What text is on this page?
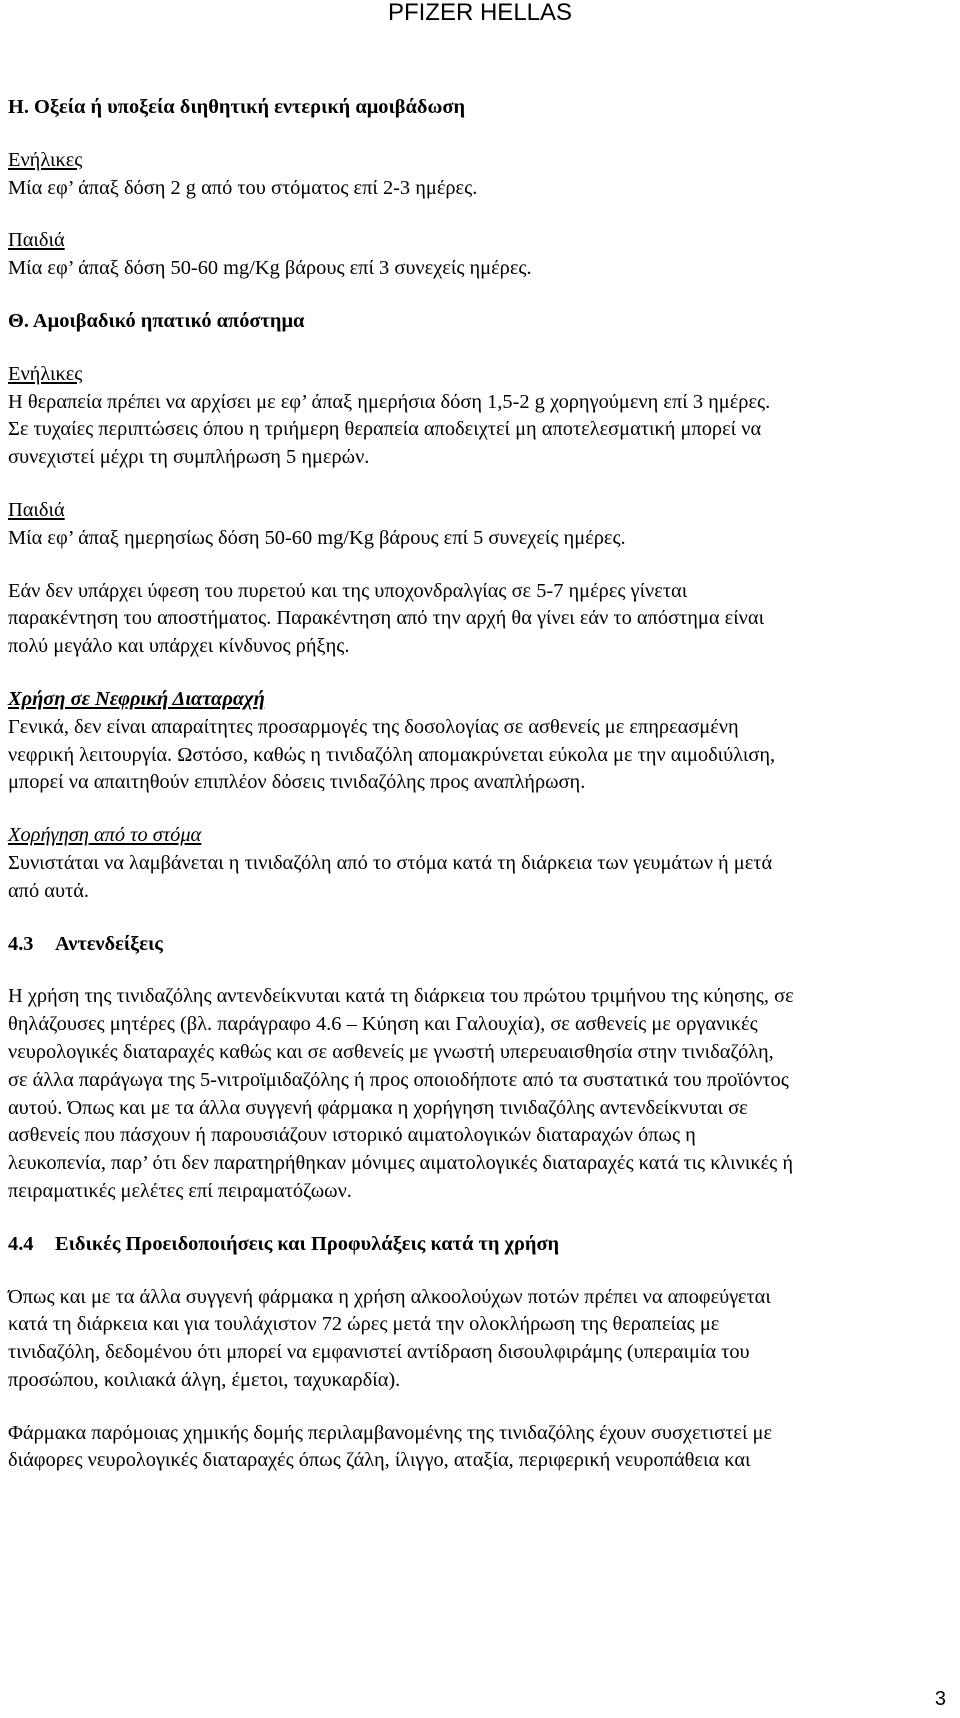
PFIZER HELLAS

Η. Οξεία ή υποξεία διηθητική εντερική αμοιβάδωση

Ενήλικες

Μία εφ’ άπαξ δόση 2 g από του στόματος επί 2-3 ημέρες.

Παιδιά

Μία εφ’ άπαξ δόση 50-60 mg/Kg βάρους επί 3 συνεχείς ημέρες.

Θ. Αμοιβαδικό ηπατικό απόστημα

Ενήλικες

Η θεραπεία πρέπει να αρχίσει με εφ’ άπαξ ημερήσια δόση 1,5-2 g χορηγούμενη επί 3 ημέρες.

Σε τυχαίες περιπτώσεις όπου η τριήμερη θεραπεία αποδειχτεί μη αποτελεσματική μπορεί να

συνεχιστεί μέχρι τη συμπλήρωση 5 ημερών.

Παιδιά

Μία εφ’ άπαξ ημερησίως δόση 50-60 mg/Kg βάρους επί 5 συνεχείς ημέρες.

Εάν δεν υπάρχει ύφεση του πυρετού και της υποχονδραλγίας σε 5-7 ημέρες γίνεται

παρακέντηση του αποστήματος. Παρακέντηση από την αρχή θα γίνει εάν το απόστημα είναι

πολύ μεγάλο και υπάρχει κίνδυνος ρήξης.

Χρήση σε Νεφρική Διαταραχή

Γενικά, δεν είναι απαραίτητες προσαρμογές της δοσολογίας σε ασθενείς με επηρεασμένη

νεφρική λειτουργία. Ωστόσο, καθώς η τινιδαζόλη απομακρύνεται εύκολα με την αιμοδιύλιση,

μπορεί να απαιτηθούν επιπλέον δόσεις τινιδαζόλης προς αναπλήρωση.

Χορήγηση από το στόμα

Συνιστάται να λαμβάνεται η τινιδαζόλη από το στόμα κατά τη διάρκεια των γευμάτων ή μετά

από αυτά.

4.3 Αντενδείξεις

Η χρήση της τινιδαζόλης αντενδείκνυται κατά τη διάρκεια του πρώτου τριμήνου της κύησης, σε

θηλάζουσες μητέρες (βλ. παράγραφο 4.6 – Κύηση και Γαλουχία), σε ασθενείς με οργανικές

νευρολογικές διαταραχές καθώς και σε ασθενείς με γνωστή υπερευαισθησία στην τινιδαζόλη,

σε άλλα παράγωγα της 5-νιτροϊμιδαζόλης ή προς οποιοδήποτε από τα συστατικά του προϊόντος

αυτού. Όπως και με τα άλλα συγγενή φάρμακα η χορήγηση τινιδαζόλης αντενδείκνυται σε

ασθενείς που πάσχουν ή παρουσιάζουν ιστορικό αιματολογικών διαταραχών όπως η

λευκοπενία, παρ’ ότι δεν παρατηρήθηκαν μόνιμες αιματολογικές διαταραχές κατά τις κλινικές ή

πειραματικές μελέτες επί πειραματόζωων.

4.4 Ειδικές Προειδοποιήσεις και Προφυλάξεις κατά τη χρήση

Όπως και με τα άλλα συγγενή φάρμακα η χρήση αλκοολούχων ποτών πρέπει να αποφεύγεται

κατά τη διάρκεια και για τουλάχιστον 72 ώρες μετά την ολοκλήρωση της θεραπείας με

τινιδαζόλη, δεδομένου ότι μπορεί να εμφανιστεί αντίδραση δισουλφιράμης (υπεραιμία του

προσώπου, κοιλιακά άλγη, έμετοι, ταχυκαρδία).

Φάρμακα παρόμοιας χημικής δομής περιλαμβανομένης της τινιδαζόλης έχουν συσχετιστεί με

διάφορες νευρολογικές διαταραχές όπως ζάλη, ίλιγγο, αταξία, περιφερική νευροπάθεια και

3
